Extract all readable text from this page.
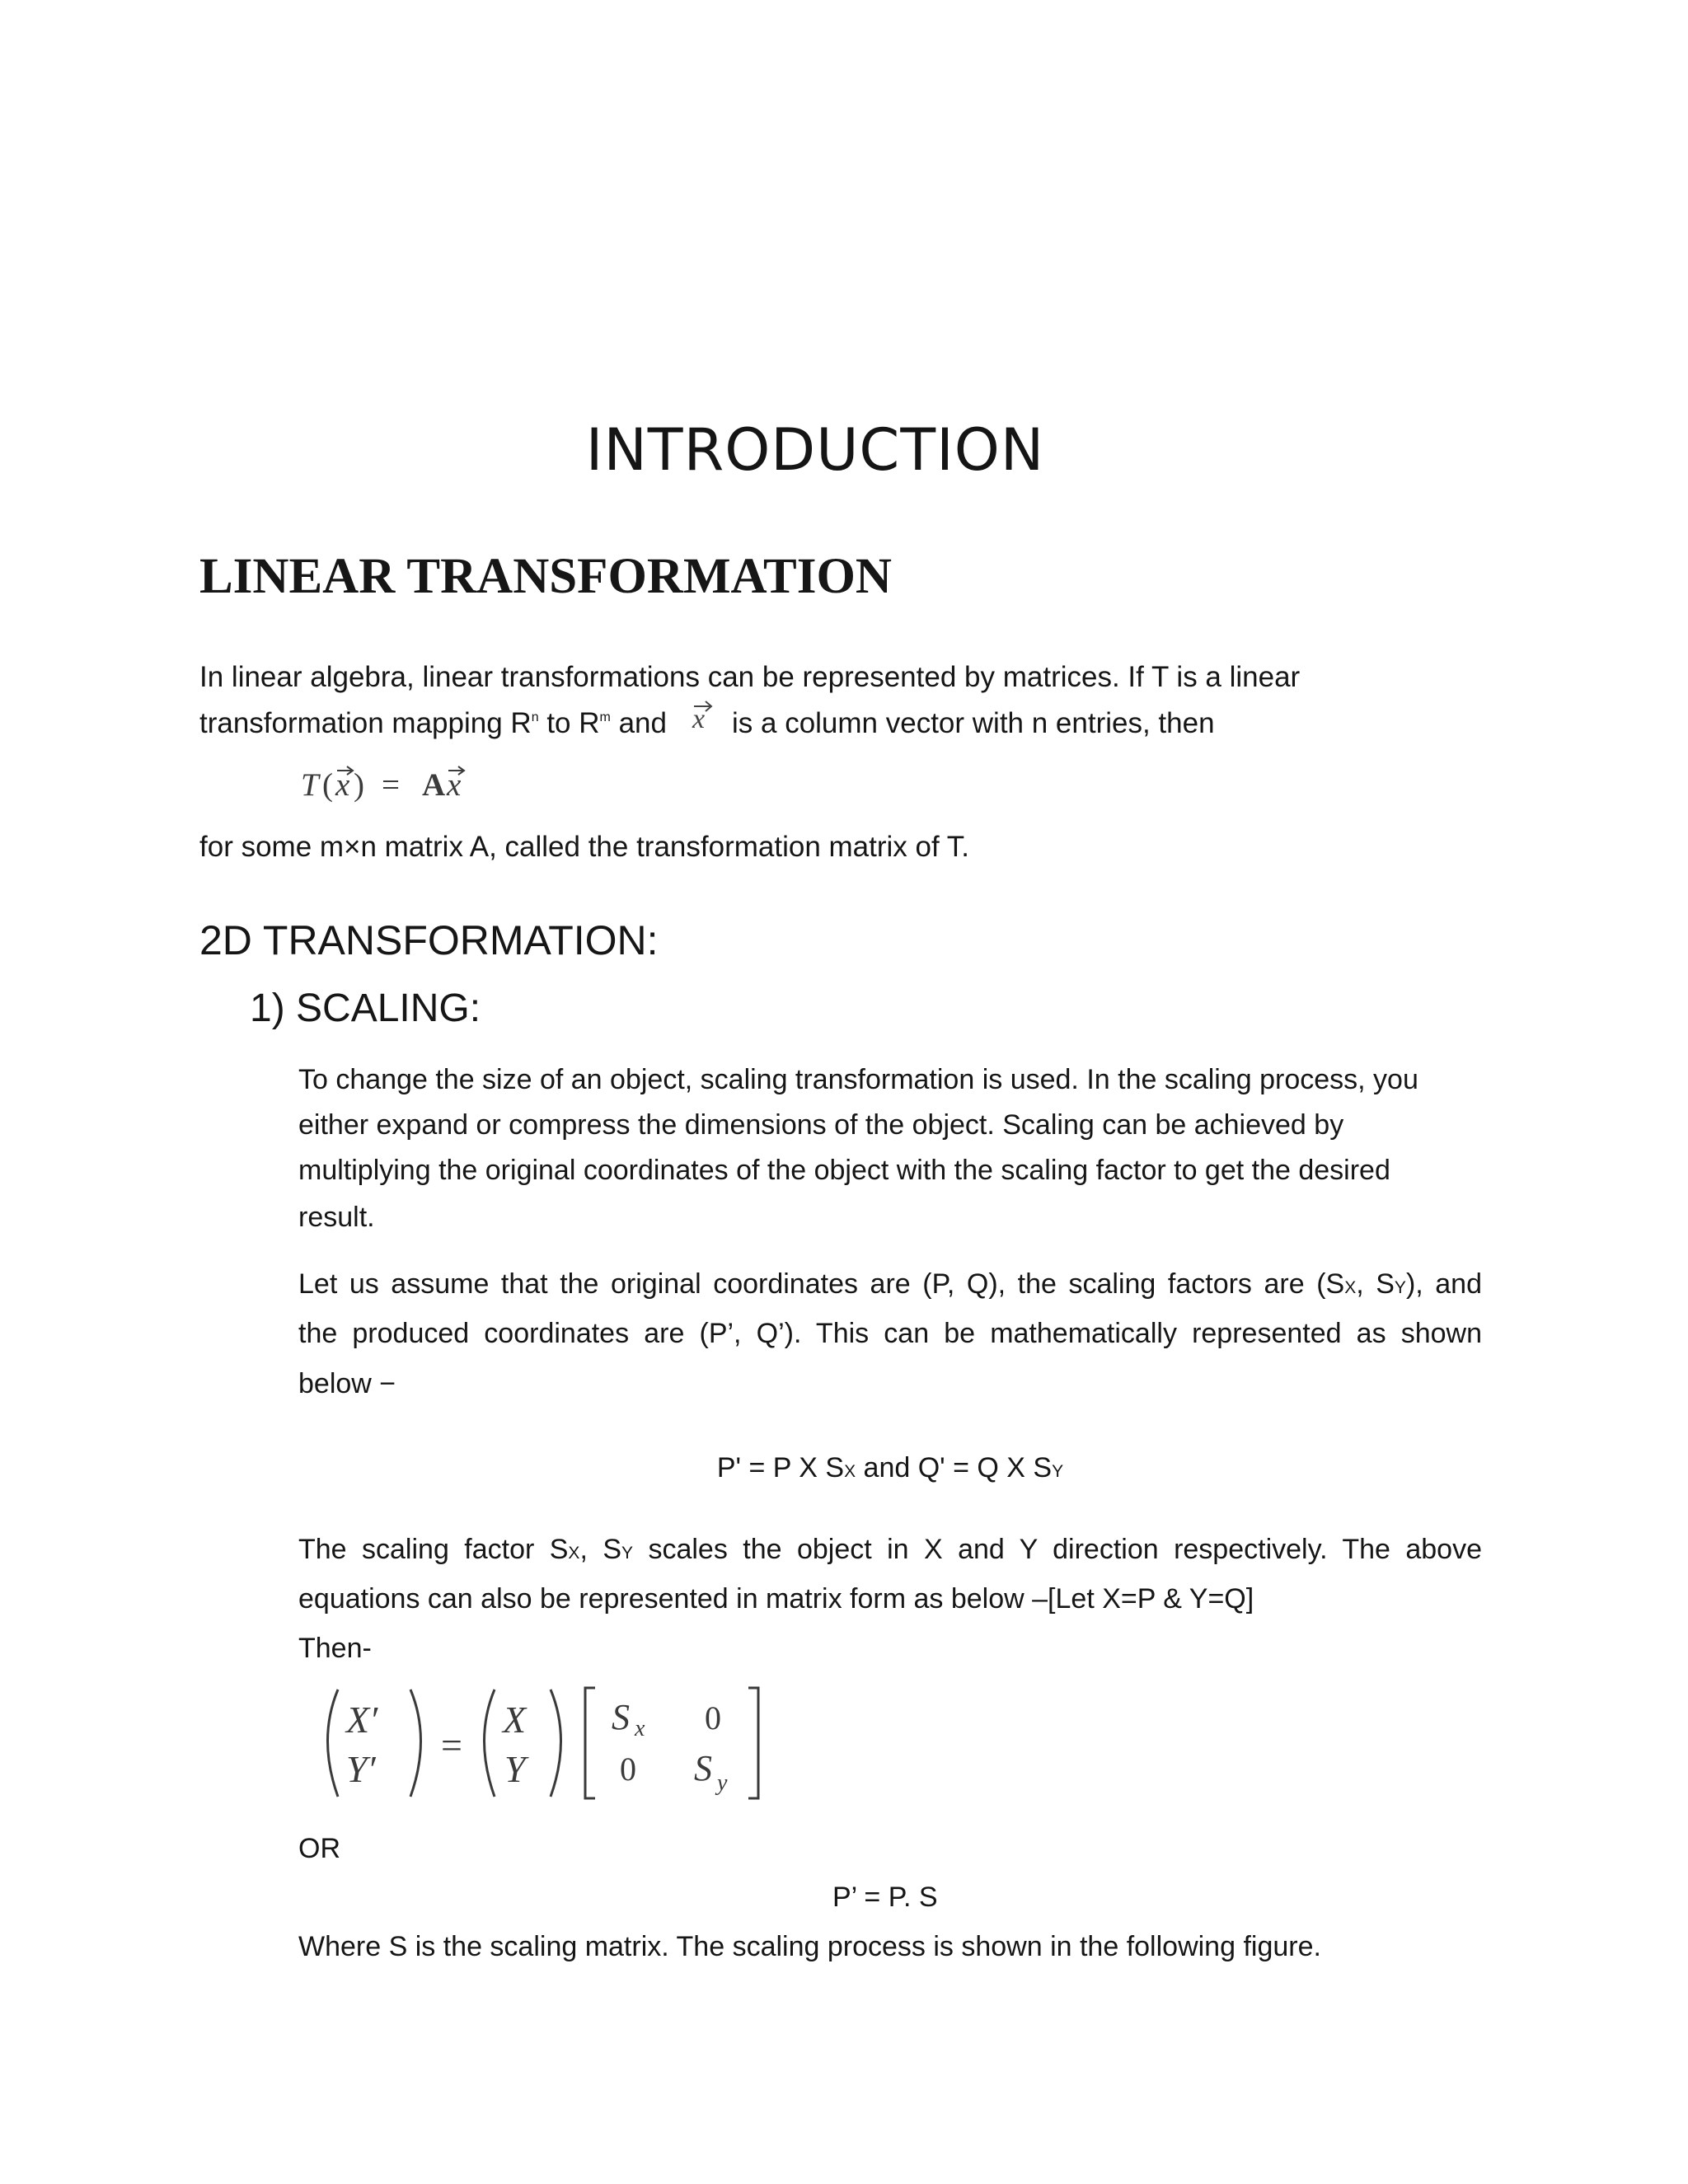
INTRODUCTION
LINEAR TRANSFORMATION
In linear algebra, linear transformations can be represented by matrices. If T is a linear
transformation mapping $R^n$ to $R^m$ and x is a column vector with n entries, then
T ( x ) = A x
for some m×n matrix A, called the transformation matrix of T.
2D TRANSFORMATION:
1) SCALING:
To change the size of an object, scaling transformation is used. In the scaling process, you
either expand or compress the dimensions of the object. Scaling can be achieved by
multiplying the original coordinates of the object with the scaling factor to get the desired
result.
Let us assume that the original coordinates are (P, Q), the scaling factors are (SX, SY), and
the produced coordinates are (P’, Q’). This can be mathematically represented as shown
below −
P' = P X SX and Q' = Q X SY
The scaling factor SX, SY scales the object in X and Y direction respectively. The above
equations can also be represented in matrix form as below –[Let X=P & Y=Q]
Then-
X′
Y′
=
X
Y
S x 0
0 S y
OR
P’ = P. S
Where S is the scaling matrix. The scaling process is shown in the following figure.
